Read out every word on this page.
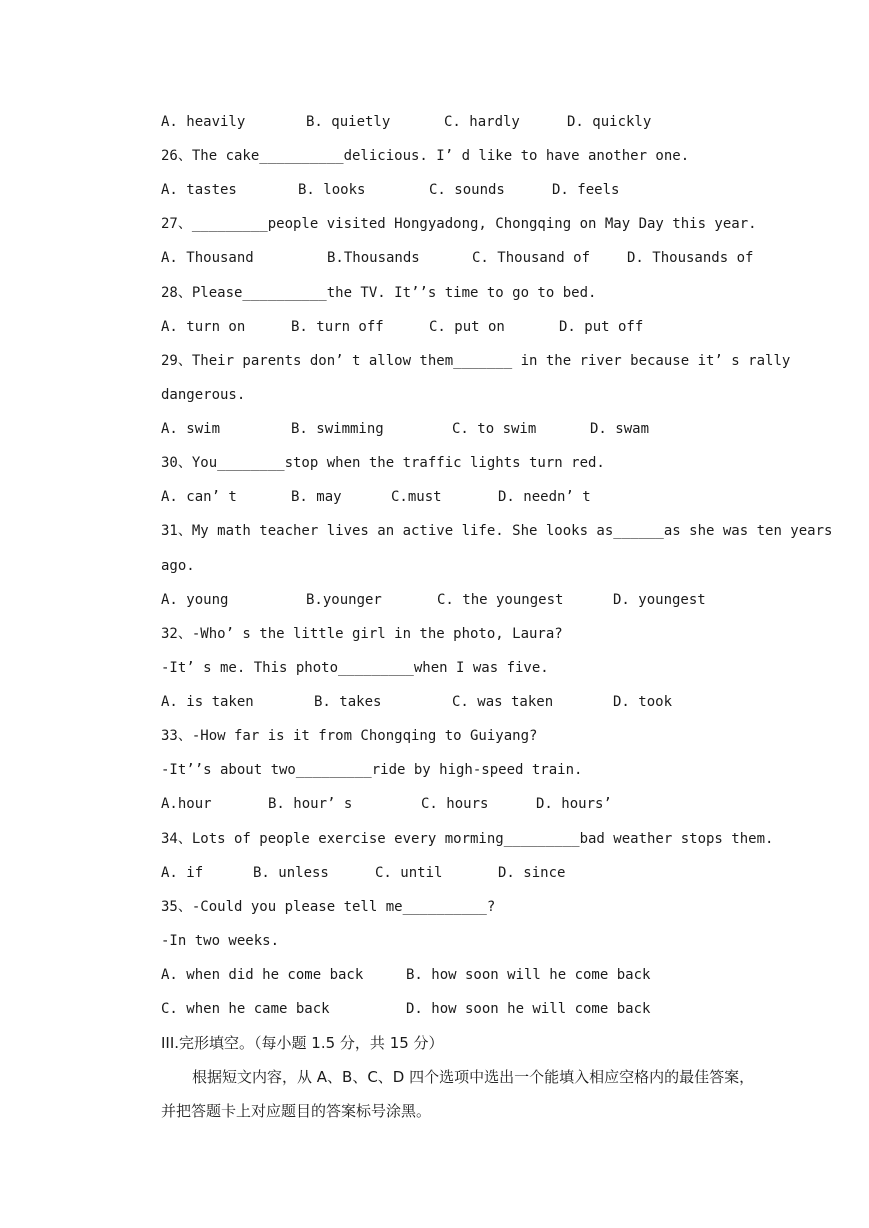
A. heavily	B. quietly	C. hardly	D. quickly
26、The cake__________delicious. I’ d like to have another one.
A. tastes	B. looks	C. sounds	D. feels
27、_________people visited Hongyadong, Chongqing on May Day this year.
A. Thousand	B.Thousands	C. Thousand of	D. Thousands of
28、Please__________the TV. It’’s time to go to bed.
A. turn on	B. turn off	C. put on	D. put off
29、Their parents don’ t allow them_______ in the river because it’ s rally
dangerous.
A. swim	B. swimming	C. to swim	D. swam
30、You________stop when the traffic lights turn red.
A. can’ t	B. may	C.must	D. needn’ t
31、My math teacher lives an active life. She looks as______as she was ten years
ago.
A. young	B.younger	C. the youngest	D. youngest
32、-Who’ s the little girl in the photo, Laura?
-It’ s me. This photo_________when I was five.
A. is taken	B. takes	C. was taken	D. took
33、-How far is it from Chongqing to Guiyang?
-It’’s about two_________ride by high-speed train.
A.hour	B. hour’ s	C. hours	D. hours’
34、Lots of people exercise every morming_________bad weather stops them.
A. if	B. unless	C. until	D. since
35、-Could you please tell me__________?
-In two weeks.
A. when did he come back	B. how soon will he come back
C. when he came back	D. how soon he will come back
III.完形填空。（每小题 1.5 分，共 15 分）
根据短文内容，从 A、B、C、D 四个选项中选出一个能填入相应空格内的最佳答案，
并把答题卡上对应题目的答案标号涂黑。
